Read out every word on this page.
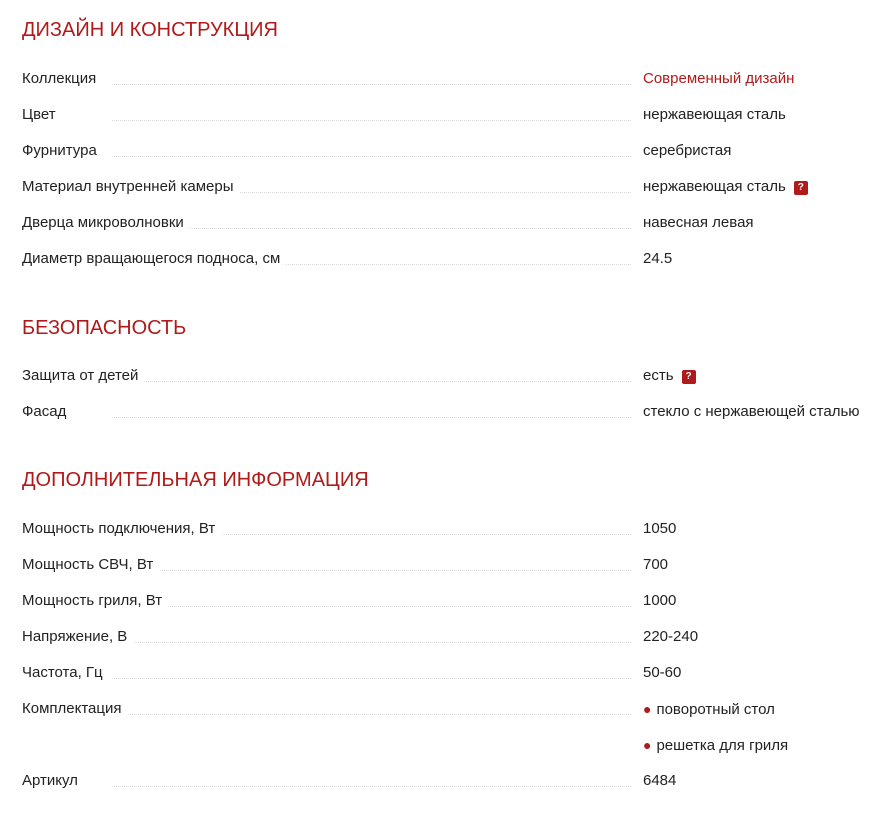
ДИЗАЙН И КОНСТРУКЦИЯ
Коллекция	Современный дизайн
Цвет	нержавеющая сталь
Фурнитура	серебристая
Материал внутренней камеры	нержавеющая сталь ?
Дверца микроволновки	навесная левая
Диаметр вращающегося подноса, см	24.5
БЕЗОПАСНОСТЬ
Защита от детей	есть ?
Фасад	стекло с нержавеющей сталью
ДОПОЛНИТЕЛЬНАЯ ИНФОРМАЦИЯ
Мощность подключения, Вт	1050
Мощность СВЧ, Вт	700
Мощность гриля, Вт	1000
Напряжение, В	220-240
Частота, Гц	50-60
Комплектация	● поворотный стол
● решетка для гриля
Артикул	6484
